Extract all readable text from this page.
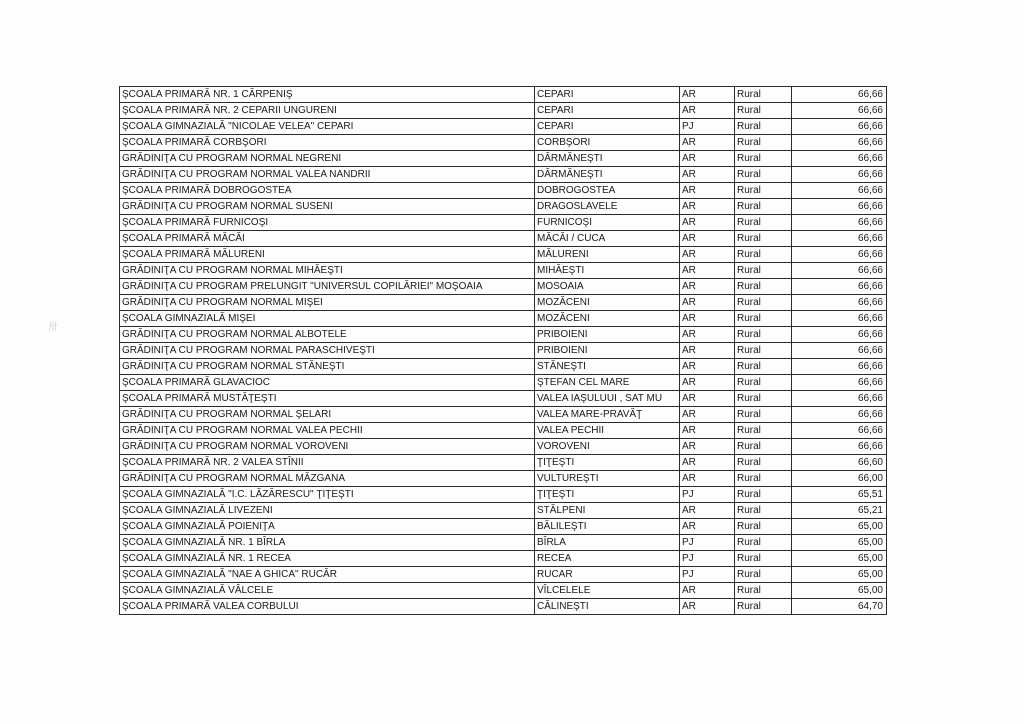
卅
ŞCOALA PRIMARĂ NR. 1 CĂRPENIŞ	CEPARI	AR	Rural	66,66
ŞCOALA PRIMARĂ NR. 2 CEPARII UNGURENI	CEPARI	AR	Rural	66,66
ŞCOALA GIMNAZIALĂ "NICOLAE VELEA" CEPARI	CEPARI	PJ	Rural	66,66
ŞCOALA PRIMARĂ CORBŞORI	CORBŞORI	AR	Rural	66,66
GRĂDINIŢA CU PROGRAM NORMAL NEGRENI	DÂRMĂNEŞTI	AR	Rural	66,66
GRĂDINIŢA CU PROGRAM NORMAL VALEA NANDRII	DÂRMĂNEŞTI	AR	Rural	66,66
ŞCOALA PRIMARĂ DOBROGOSTEA	DOBROGOSTEA	AR	Rural	66,66
GRĂDINIŢA CU PROGRAM NORMAL SUSENI	DRAGOSLAVELE	AR	Rural	66,66
ŞCOALA PRIMARĂ FURNICOŞI	FURNICOŞI	AR	Rural	66,66
ŞCOALA PRIMARĂ MĂCĂI	MĂCĂI / CUCA	AR	Rural	66,66
ŞCOALA PRIMARĂ MĂLURENI	MĂLURENI	AR	Rural	66,66
GRĂDINIŢA CU PROGRAM NORMAL MIHĂEŞTI	MIHĂEŞTI	AR	Rural	66,66
GRĂDINIŢA CU PROGRAM PRELUNGIT "UNIVERSUL COPILĂRIEI" MOŞOAIA	MOSOAIA	AR	Rural	66,66
GRĂDINIŢA CU PROGRAM NORMAL MIŞEI	MOZĂCENI	AR	Rural	66,66
ŞCOALA GIMNAZIALĂ MIŞEI	MOZĂCENI	AR	Rural	66,66
GRĂDINIŢA CU PROGRAM NORMAL ALBOTELE	PRIBOIENI	AR	Rural	66,66
GRĂDINIŢA CU PROGRAM NORMAL PARASCHIVEŞTI	PRIBOIENI	AR	Rural	66,66
GRĂDINIŢA CU PROGRAM NORMAL STĂNEŞTI	STĂNEŞTI	AR	Rural	66,66
ŞCOALA PRIMARĂ GLAVACIOC	ŞTEFAN CEL MARE	AR	Rural	66,66
ŞCOALA PRIMARĂ MUSTĂŢEŞTI	VALEA IAŞULUUI , SAT MU	AR	Rural	66,66
GRĂDINIŢA CU PROGRAM NORMAL ŞELARI	VALEA MARE-PRAVĂŢ	AR	Rural	66,66
GRĂDINIŢA CU PROGRAM NORMAL VALEA PECHII	VALEA PECHII	AR	Rural	66,66
GRĂDINIŢA CU PROGRAM NORMAL VOROVENI	VOROVENI	AR	Rural	66,66
ŞCOALA PRIMARĂ NR. 2 VALEA STÎNII	ŢIŢEŞTI	AR	Rural	66,60
GRĂDINIŢA CU PROGRAM NORMAL MĂZGANA	VULTUREŞTI	AR	Rural	66,00
ŞCOALA GIMNAZIALĂ "I.C. LĂZĂRESCU" ŢIŢEŞTI	ŢIŢEŞTI	PJ	Rural	65,51
ŞCOALA GIMNAZIALĂ LIVEZENI	STĂLPENI	AR	Rural	65,21
ŞCOALA GIMNAZIALĂ POIENIŢA	BĂLILEŞTI	AR	Rural	65,00
ŞCOALA GIMNAZIALĂ NR. 1 BÎRLA	BÎRLA	PJ	Rural	65,00
ŞCOALA GIMNAZIALĂ NR. 1 RECEA	RECEA	PJ	Rural	65,00
ŞCOALA GIMNAZIALĂ "NAE A GHICA" RUCĂR	RUCAR	PJ	Rural	65,00
ŞCOALA GIMNAZIALĂ VÂLCELE	VÎLCELELE	AR	Rural	65,00
ŞCOALA PRIMARĂ VALEA CORBULUI	CĂLINEŞTI	AR	Rural	64,70
